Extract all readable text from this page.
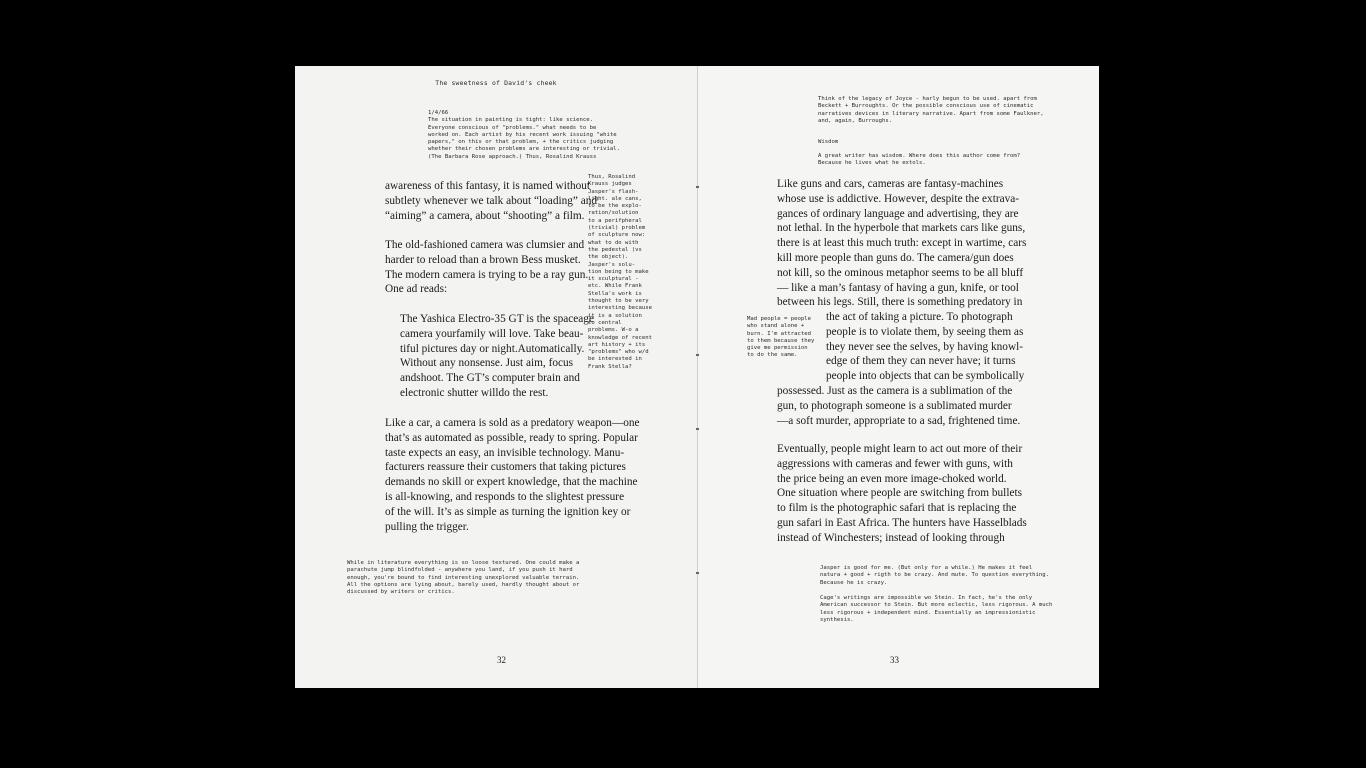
The sweetness of David's cheek
1/4/66
The situation in painting is tight: like science.
Everyone conscious of "problems." what needs to be
worked on. Each artist by his recent work issuing "white
papers," on this or that problem, + the critics judging
whether their chosen problems are interesting or trivial.
(The Barbara Rose approach.) Thus, Rosalind Krauss
Thus, Rosalind
Krauss judges
Jasper's flash-
light. ale cans,
to be the explo-
ration/solution
to a perifpheral
(trivial) problem
of sculpture now:
what to do with
the pedestal (vs
the object).
Jasper's solu-
tion being to make
it sculptural -
etc. While Frank
Stella's work is
thought to be very
interesting because
it is a solution
to central
problems. W-o a
knowledge of recent
art history + its
"problems" who w/d
be interested in
Frank Stella?
awareness of this fantasy, it is named without
subtlety whenever we talk about “loading” and
“aiming” a camera, about “shooting” a film.
The old-fashioned camera was clumsier and
harder to reload than a brown Bess musket.
The modern camera is trying to be a ray gun.
One ad reads:
The Yashica Electro-35 GT is the spaceage
camera yourfamily will love. Take beau-
tiful pictures day or night.Automatically.
Without any nonsense. Just aim, focus
andshoot. The GT’s computer brain and
electronic shutter willdo the rest.
Like a car, a camera is sold as a predatory weapon—one
that’s as automated as possible, ready to spring. Popular
taste expects an easy, an invisible technology. Manu-
facturers reassure their customers that taking pictures
demands no skill or expert knowledge, that the machine
is all-knowing, and responds to the slightest pressure
of the will. It’s as simple as turning the ignition key or
pulling the trigger.
While in literature everything is so loose textured. One could make a
parachute jump blindfolded - anywhere you land, if you push it hard
enough, you're bound to find interesting unexplored valuable terrain.
All the options are lying about, barely used, hardly thought about or
discussed by writers or critics.
32
Think of the legacy of Joyce - harly begun to be used. apart from
Beckett + Burroughts. Or the possible conscious use of cinematic
narratives devices in literary narrative. Apart from some Faulkner,
and, again, Burroughs.
Wisdom
A great writer has wisdom. Where does this author come from?
Because he lives what he extols.
Like guns and cars, cameras are fantasy-machines
whose use is addictive. However, despite the extrava-
gances of ordinary language and advertising, they are
not lethal. In the hyperbole that markets cars like guns,
there is at least this much truth: except in wartime, cars
kill more people than guns do. The camera/gun does
not kill, so the ominous metaphor seems to be all bluff
— like a man’s fantasy of having a gun, knife, or tool
between his legs. Still, there is something predatory in
the act of taking a picture. To photograph
people is to violate them, by seeing them as
they never see the selves, by having knowl-
edge of them they can never have; it turns
people into objects that can be symbolically
Mad people = people
who stand alone +
burn. I'm attracted
to them because they
give me permission
to do the same.
possessed. Just as the camera is a sublimation of the
gun, to photograph someone is a sublimated murder
—a soft murder, appropriate to a sad, frightened time.
Eventually, people might learn to act out more of their
aggressions with cameras and fewer with guns, with
the price being an even more image-choked world.
One situation where people are switching from bullets
to film is the photographic safari that is replacing the
gun safari in East Africa. The hunters have Hasselblads
instead of Winchesters; instead of looking through
Jasper is good for me. (But only for a while.) He makes it feel
natura + good + rigth to be crazy. And mute. To question everything.
Because he is crazy.
Cage's writings are impossible wo Stein. In fact, he's the only
American successor to Stein. But more eclectic, less rigorous. A much
less rigorous + independent mind. Essentially an impressionistic
synthesis.
33
